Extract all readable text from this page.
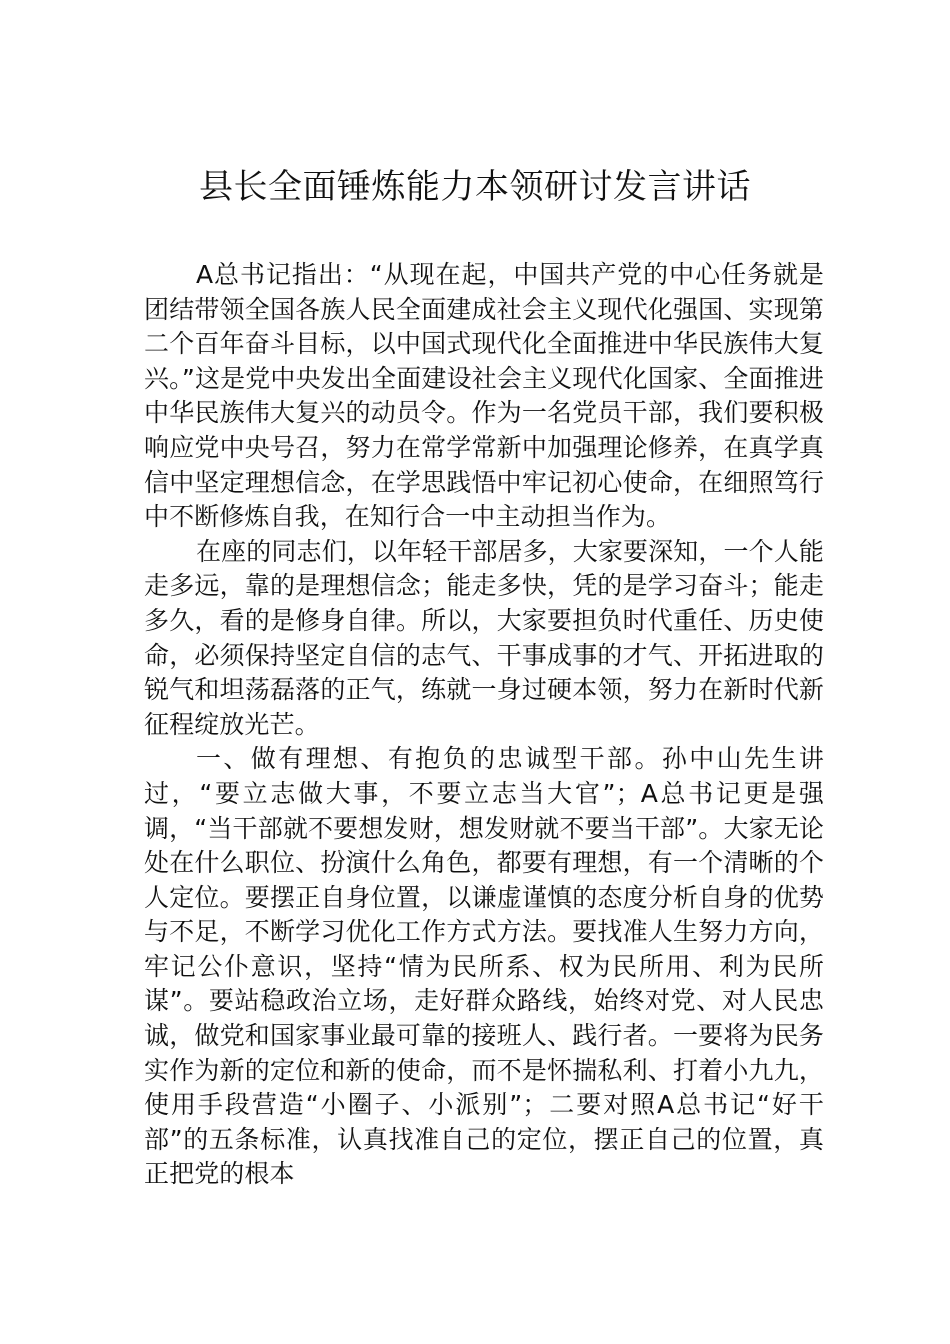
县长全面锤炼能力本领研讨发言讲话

A总书记指出：“从现在起，中国共产党的中心任务就是团结带领全国各族人民全面建成社会主义现代化强国、实现第二个百年奋斗目标，以中国式现代化全面推进中华民族伟大复兴。”这是党中央发出全面建设社会主义现代化国家、全面推进中华民族伟大复兴的动员令。作为一名党员干部，我们要积极响应党中央号召，努力在常学常新中加强理论修养，在真学真信中坚定理想信念，在学思践悟中牢记初心使命，在细照笃行中不断修炼自我，在知行合一中主动担当作为。

在座的同志们，以年轻干部居多，大家要深知，一个人能走多远，靠的是理想信念；能走多快，凭的是学习奋斗；能走多久，看的是修身自律。所以，大家要担负时代重任、历史使命，必须保持坚定自信的志气、干事成事的才气、开拓进取的锐气和坦荡磊落的正气，练就一身过硬本领，努力在新时代新征程绽放光芒。

一、做有理想、有抱负的忠诚型干部。孙中山先生讲过，“要立志做大事，不要立志当大官”；A总书记更是强调，“当干部就不要想发财，想发财就不要当干部”。大家无论处在什么职位、扮演什么角色，都要有理想，有一个清晰的个人定位。要摆正自身位置，以谦虚谨慎的态度分析自身的优势与不足，不断学习优化工作方式方法。要找准人生努力方向，牢记公仆意识，坚持“情为民所系、权为民所用、利为民所谋”。要站稳政治立场，走好群众路线，始终对党、对人民忠诚，做党和国家事业最可靠的接班人、践行者。一要将为民务实作为新的定位和新的使命，而不是怀揣私利、打着小九九，使用手段营造“小圈子、小派别”；二要对照A总书记“好干部”的五条标准，认真找准自己的定位，摆正自己的位置，真正把党的根本
